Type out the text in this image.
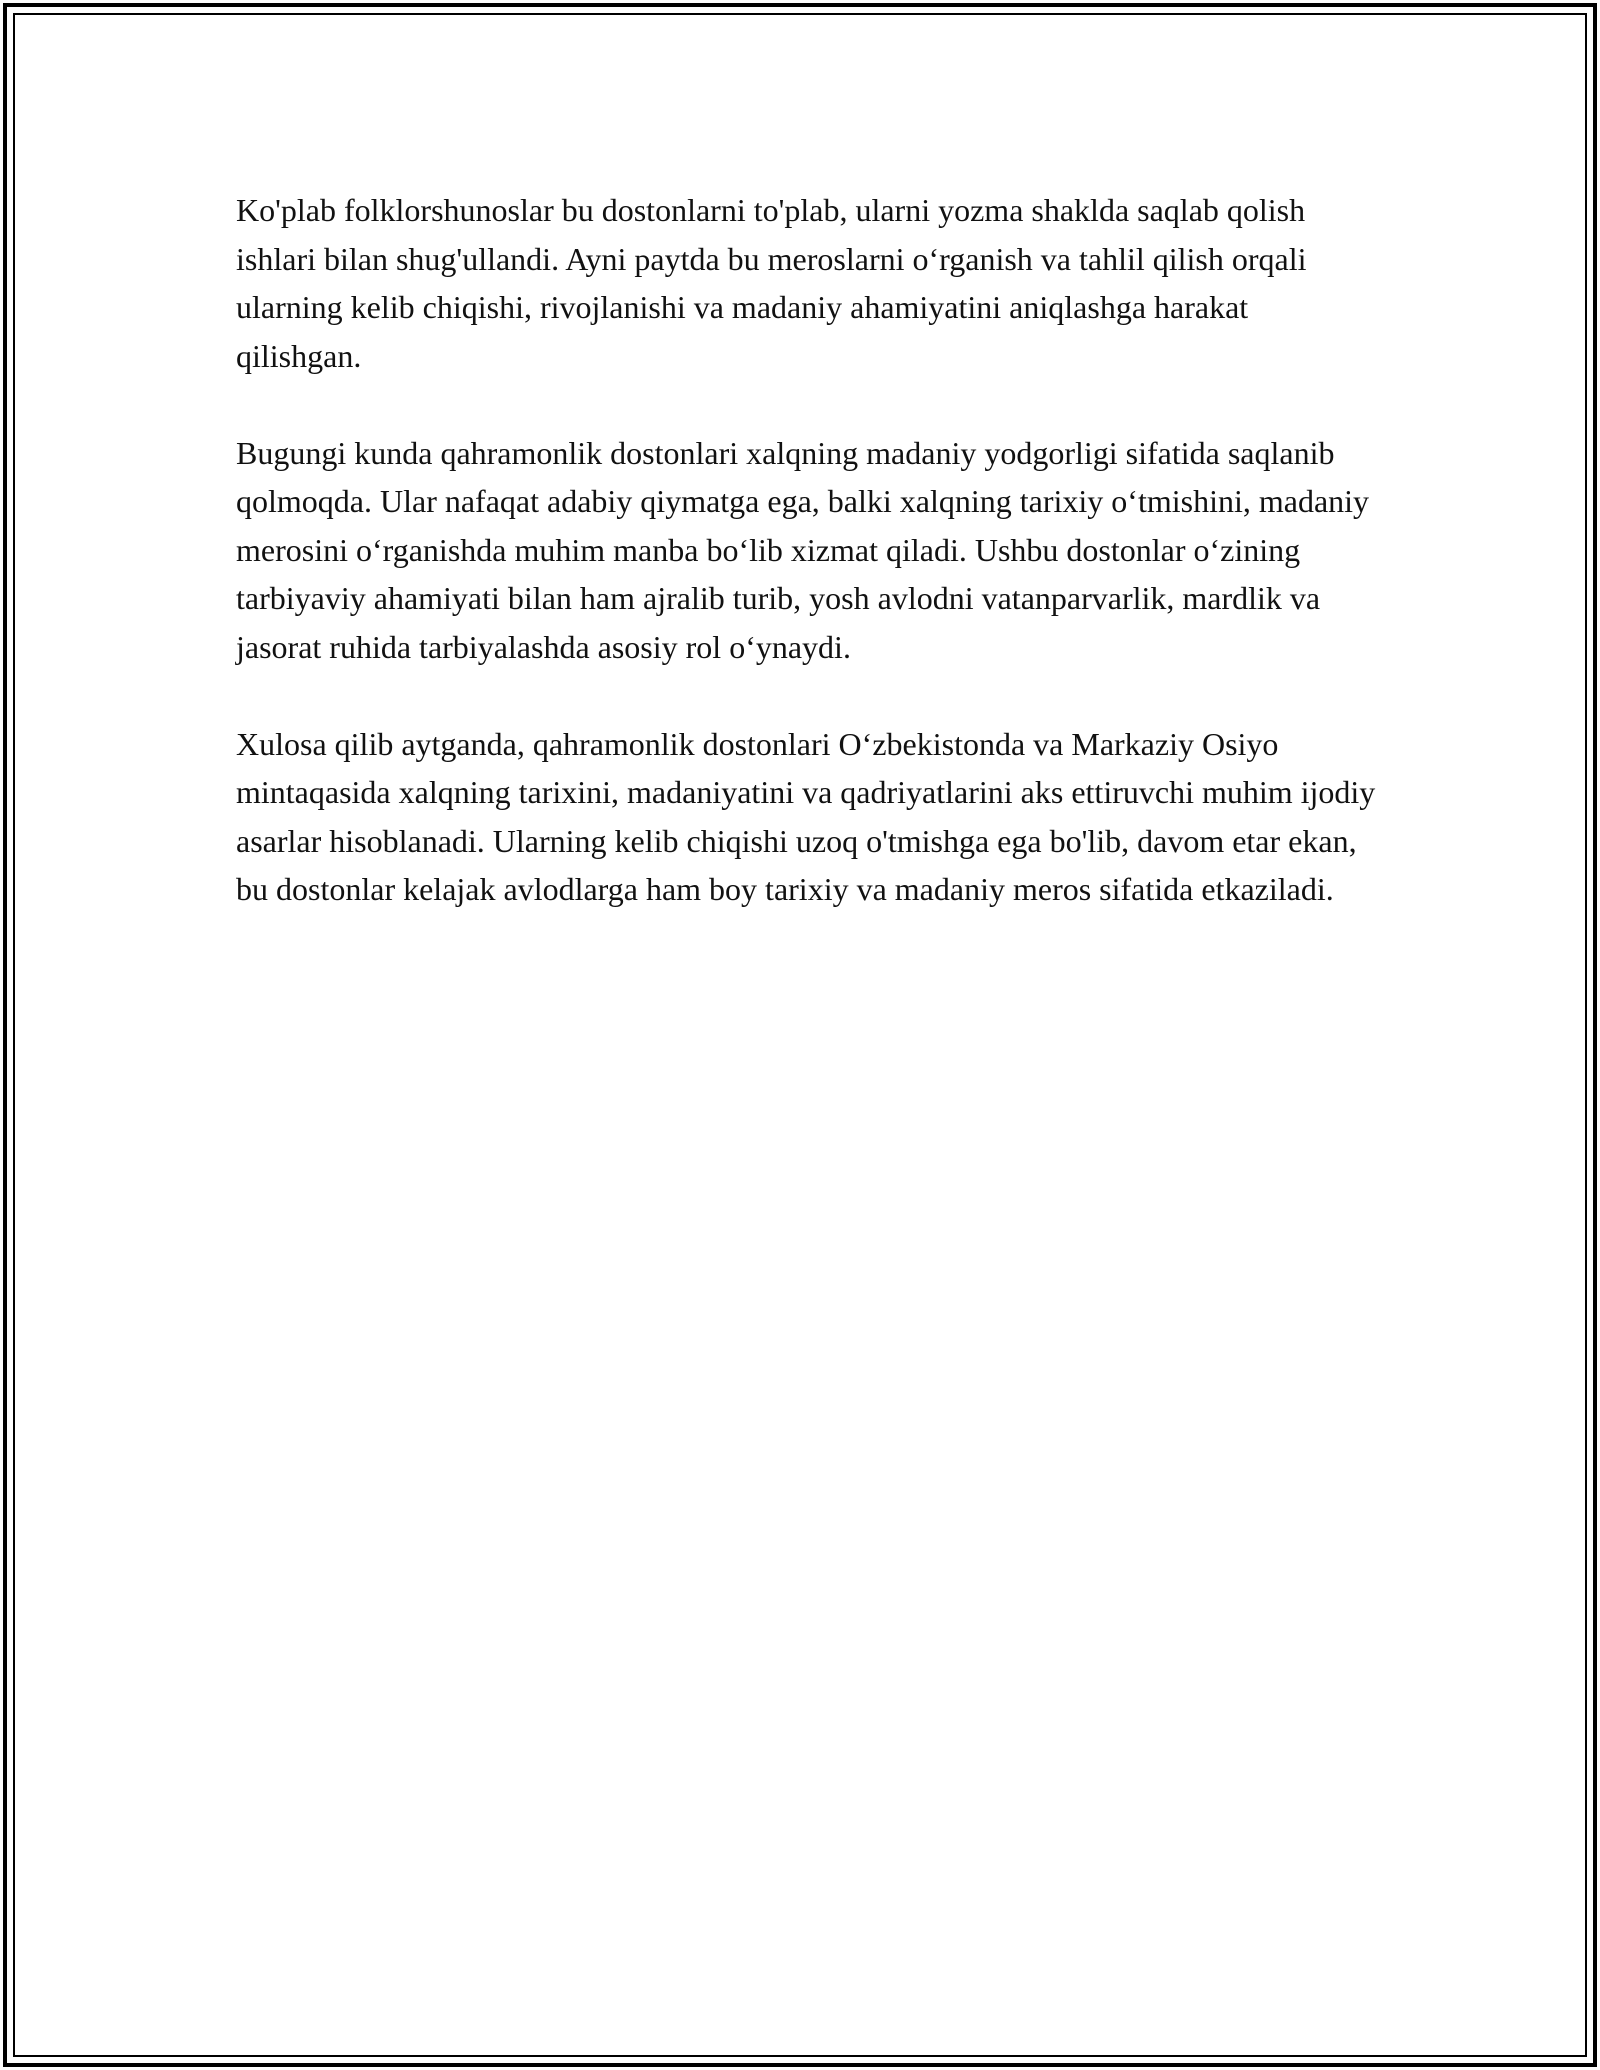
Ko'plab folklorshunoslar bu dostonlarni to'plab, ularni yozma shaklda saqlab qolish ishlari bilan shug'ullandi. Ayni paytda bu meroslarni o‘rganish va tahlil qilish orqali ularning kelib chiqishi, rivojlanishi va madaniy ahamiyatini aniqlashga harakat qilishgan.

Bugungi kunda qahramonlik dostonlari xalqning madaniy yodgorligi sifatida saqlanib qolmoqda. Ular nafaqat adabiy qiymatga ega, balki xalqning tarixiy o‘tmishini, madaniy merosini o‘rganishda muhim manba bo‘lib xizmat qiladi. Ushbu dostonlar o‘zining tarbiyaviy ahamiyati bilan ham ajralib turib, yosh avlodni vatanparvarlik, mardlik va jasorat ruhida tarbiyalashda asosiy rol o‘ynaydi.

Xulosa qilib aytganda, qahramonlik dostonlari O‘zbekistonda va Markaziy Osiyo mintaqasida xalqning tarixini, madaniyatini va qadriyatlarini aks ettiruvchi muhim ijodiy asarlar hisoblanadi. Ularning kelib chiqishi uzoq o'tmishga ega bo'lib, davom etar ekan, bu dostonlar kelajak avlodlarga ham boy tarixiy va madaniy meros sifatida etkaziladi.
